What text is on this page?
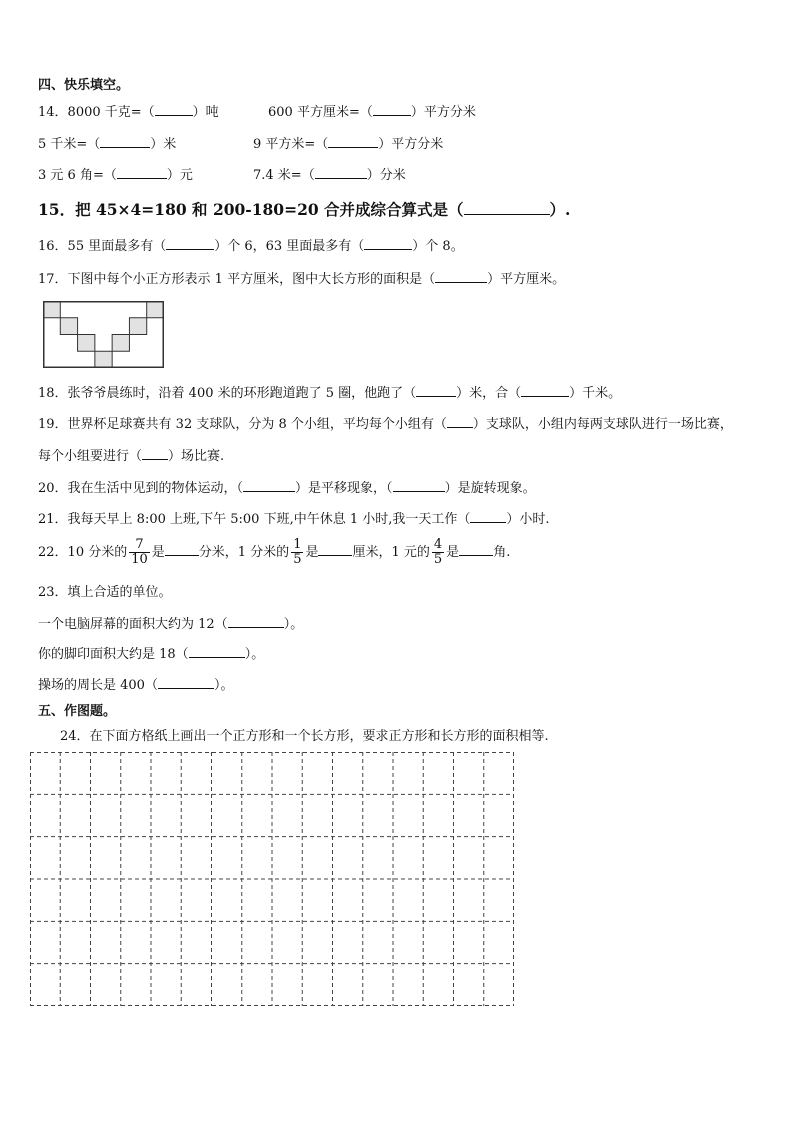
四、快乐填空。
14．8000 千克=（	）吨	600 平方厘米=（	）平方分米
5 千米=（	）米	9 平方米=（	）平方分米
3 元 6 角=（	）元	7.4 米=（	）分米
15．把 45×4=180 和 200-180=20 合并成综合算式是（	）.
16．55 里面最多有（	）个 6，63 里面最多有（	）个 8。
17．下图中每个小正方形表示 1 平方厘米，图中大长方形的面积是（	）平方厘米。
18．张爷爷晨练时，沿着 400 米的环形跑道跑了 5 圈，他跑了（	）米，合（	）千米。
19．世界杯足球赛共有 32 支球队，分为 8 个小组，平均每个小组有（ ）支球队，小组内每两支球队进行一场比赛，
每个小组要进行（ ）场比赛.
20．我在生活中见到的物体运动，（	）是平移现象，（	）是旋转现象。
21．我每天早上 8:00 上班,下午 5:00 下班,中午休息 1 小时,我一天工作（	）小时.
22．10 分米的 $\frac{7}{10}$ 是	分米，1 分米的 $\frac{1}{5}$ 是	厘米，1 元的 $\frac{4}{5}$ 是	角.
23．填上合适的单位。
一个电脑屏幕的面积大约为 12（	）。
你的脚印面积大约是 18（	）。
操场的周长是 400（	）。
五、作图题。
24．在下面方格纸上画出一个正方形和一个长方形，要求正方形和长方形的面积相等.
